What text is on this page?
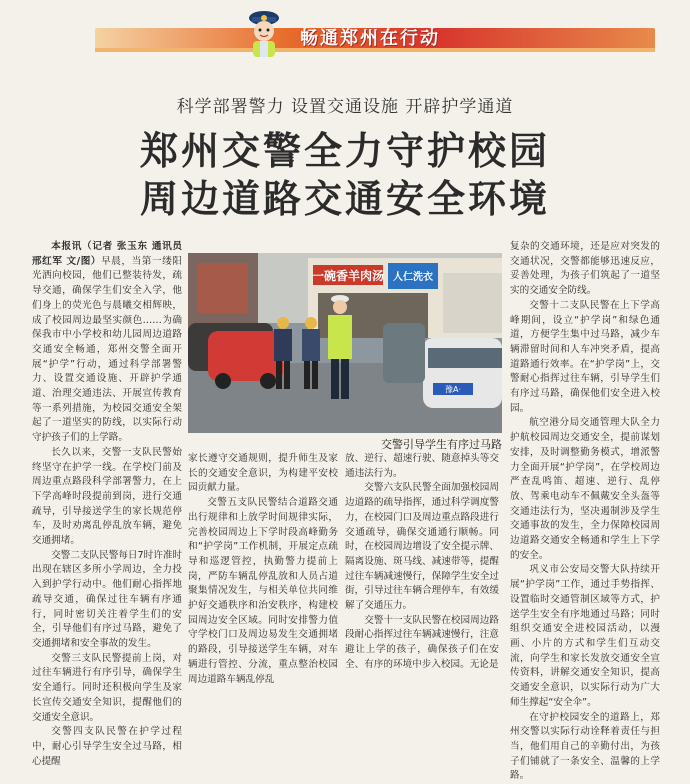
畅通郑州在行动
科学部署警力 设置交通设施 开辟护学通道
郑州交警全力守护校园
周边道路交通安全环境
一碗香羊肉汤 人仁洗衣
豫A·
交警引导学生有序过马路

本报讯（记者 张玉东 通讯员 邢红军 文/图）早晨，当第一缕阳光洒向校园，他们已整装待发，疏导交通，确保学生们安全入学，他们身上的荧光色与晨曦交相辉映，成了校园周边最坚实颜色……为确保我市中小学校和幼儿园周边道路交通安全畅通，郑州交警全面开展“护学”行动，通过科学部署警力、设置交通设施、开辟护学通道、治理交通违法、开展宣传教育等一系列措施，为校园交通安全架起了一道坚实的防线，以实际行动守护孩子们的上学路。

长久以来，交警一支队民警始终坚守在护学一线。在学校门前及周边重点路段科学部署警力，在上下学高峰时段提前到岗，进行交通疏导，引导接送学生的家长规范停车，及时劝离乱停乱放车辆，避免交通拥堵。

交警二支队民警每日7时许准时出现在辖区多所小学周边，全力投入到护学行动中。他们耐心指挥地疏导交通，确保过往车辆有序通行，同时密切关注着学生们的安全，引导他们有序过马路，避免了交通拥堵和安全事故的发生。

交警三支队民警提前上岗，对过往车辆进行有序引导，确保学生安全通行。同时还积极向学生及家长宣传交通安全知识，提醒他们的交通安全意识。

交警四支队民警在护学过程中，耐心引导学生安全过马路，相心提醒

家长遵守交通规则，提升师生及家长的交通安全意识，为构建平安校园贡献力量。

交警五支队民警结合道路交通出行规律和上放学时间规律实际，完善校园周边上下学时段高峰勤务和“护学岗”工作机制，开展定点疏导和巡逻管控，执勤警力提前上岗，严防车辆乱停乱放和人员占道聚集情况发生，与相关单位共同维护好交通秩序和治安秩序，构建校园周边安全区域。同时安排警力值守学校门口及周边易发生交通拥堵的路段，引导接送学生车辆，对车辆进行管控、分流，重点整治校园周边道路车辆乱停乱

放、逆行、超速行驶、随意掉头等交通违法行为。

交警六支队民警全面加强校园周边道路的疏导指挥，通过科学调度警力，在校园门口及周边重点路段进行交通疏导，确保交通通行顺畅。同时，在校园周边增设了安全提示牌、隔离设施、斑马线、减速带等，提醒过往车辆减速慢行，保障学生安全过街，引导过往车辆合理停车，有效缓解了交通压力。

交警十一支队民警在校园周边路段耐心指挥过往车辆减速慢行，注意避让上学的孩子，确保孩子们在安全、有序的环境中步入校园。无论是

复杂的交通环境，还是应对突发的交通状况，交警都能够迅速反应，妥善处理，为孩子们筑起了一道坚实的交通安全防线。

交警十二支队民警在上下学高峰期间，设立“护学岗”和绿色通道，方便学生集中过马路，减少车辆滞留时间和人车冲突矛盾，提高道路通行效率。在“护学岗”上，交警耐心指挥过往车辆，引导学生们有序过马路，确保他们安全进入校园。

航空港分局交通管理大队全力护航校园周边交通安全，提前谋划安排，及时调整勤务模式，增派警力全面开展“护学岗”，在学校周边严查乱鸣笛、超速、逆行、乱停放、驾乘电动车不佩戴安全头盔等交通违法行为，坚决遏制涉及学生交通事故的发生，全力保障校园周边道路交通安全畅通和学生上下学的安全。

巩义市公安局交警大队持续开展“护学岗”工作，通过手势指挥、设置临时交通管制区域等方式，护送学生安全有序地通过马路；同时组织交通安全进校园活动，以漫画、小片的方式和学生们互动交流，向学生和家长发放交通安全宣传资料，讲解交通安全知识，提高交通安全意识，以实际行动为广大师生撑起“安全伞”。

在守护校园安全的道路上，郑州交警以实际行动诠释着责任与担当，他们用自己的辛勤付出，为孩子们铺就了一条安全、温馨的上学路。
